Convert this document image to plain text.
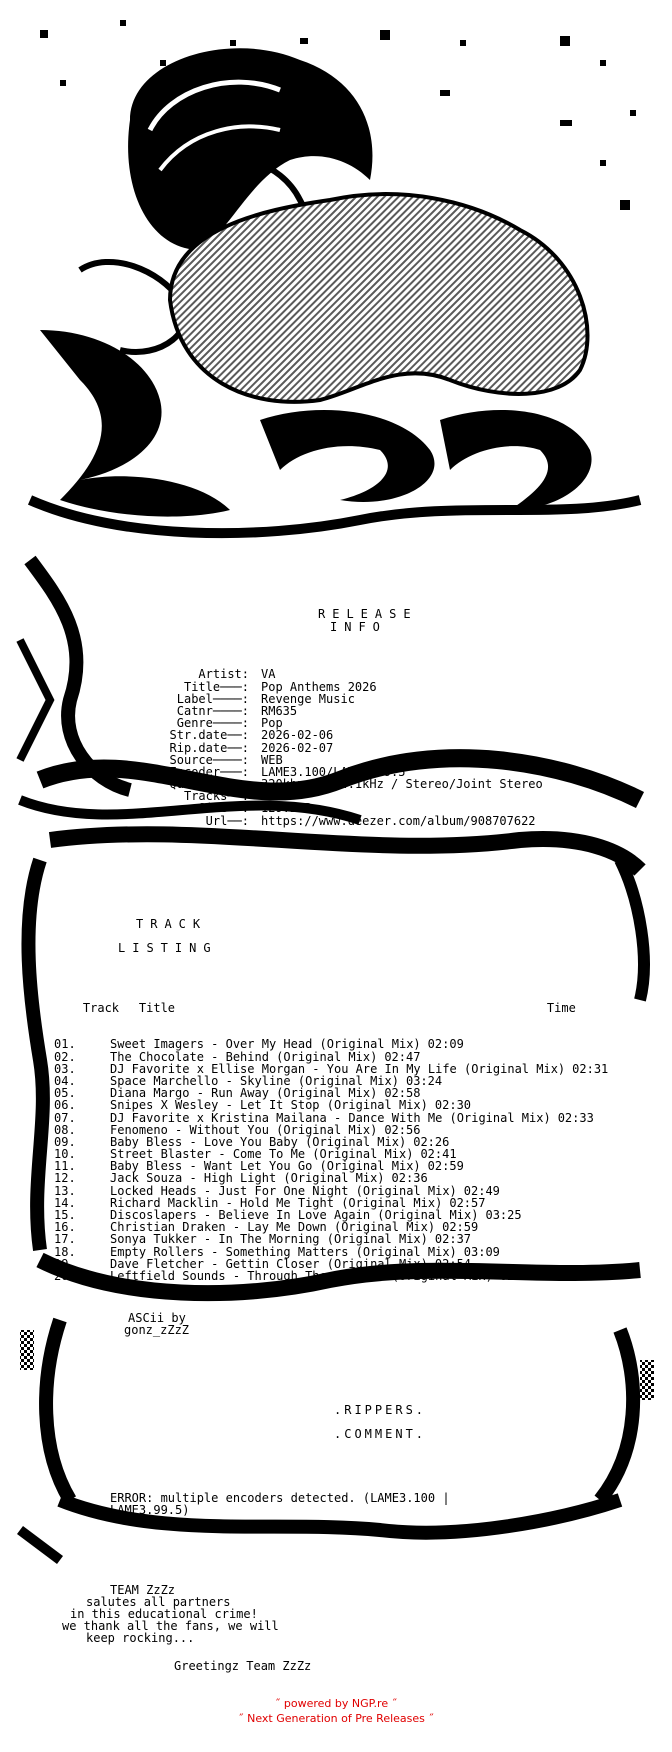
RELEASE
INFO

Artist: VA
Title───: Pop Anthems 2026
Label────: Revenge Music
Catnr────: RM635
Genre────: Pop
Str.date──: 2026-02-06
Rip.date──: 2026-02-07
Source────: WEB
Encoder───: LAME3.100/LAME3.99.5
Quality───: 320kbps / 44.1kHz / Stereo/Joint Stereo
Tracks──: 20
Size──: 129.2MB
Url──: https://www.deezer.com/album/908707622

TRACK
LISTING

Track Title	Time

01.	Sweet Imagers - Over My Head (Original Mix) 02:09
02.	The Chocolate - Behind (Original Mix) 02:47
03.	DJ Favorite x Ellise Morgan - You Are In My Life (Original Mix) 02:31
04.	Space Marchello - Skyline (Original Mix) 03:24
05.	Diana Margo - Run Away (Original Mix) 02:58
06.	Snipes X Wesley - Let It Stop (Original Mix) 02:30
07.	DJ Favorite x Kristina Mailana - Dance With Me (Original Mix) 02:33
08.	Fenomeno - Without You (Original Mix) 02:56
09.	Baby Bless - Love You Baby (Original Mix) 02:26
10.	Street Blaster - Come To Me (Original Mix) 02:41
11.	Baby Bless - Want Let You Go (Original Mix) 02:59
12.	Jack Souza - High Light (Original Mix) 02:36
13.	Locked Heads - Just For One Night (Original Mix) 02:49
14.	Richard Macklin - Hold Me Tight (Original Mix) 02:57
15.	Discoslapers - Believe In Love Again (Original Mix) 03:25
16.	Christian Draken - Lay Me Down (Original Mix) 02:59
17.	Sonya Tukker - In The Morning (Original Mix) 02:37
18.	Empty Rollers - Something Matters (Original Mix) 03:09
19.	Dave Fletcher - Gettin Closer (Original Mix) 02:54
20.	Leftfield Sounds - Through The Silence (Original Mix) 02:59

ASCii by
gonz_zZzZ
.RIPPERS.
.COMMENT.
ERROR: multiple encoders detected. (LAME3.100 |
LAME3.99.5)
TEAM ZzZz
salutes all partners
in this educational crime!
we thank all the fans, we will
keep rocking...
Greetingz Team ZzZz
˝ powered by NGP.re ˝
˝ Next Generation of Pre Releases ˝
